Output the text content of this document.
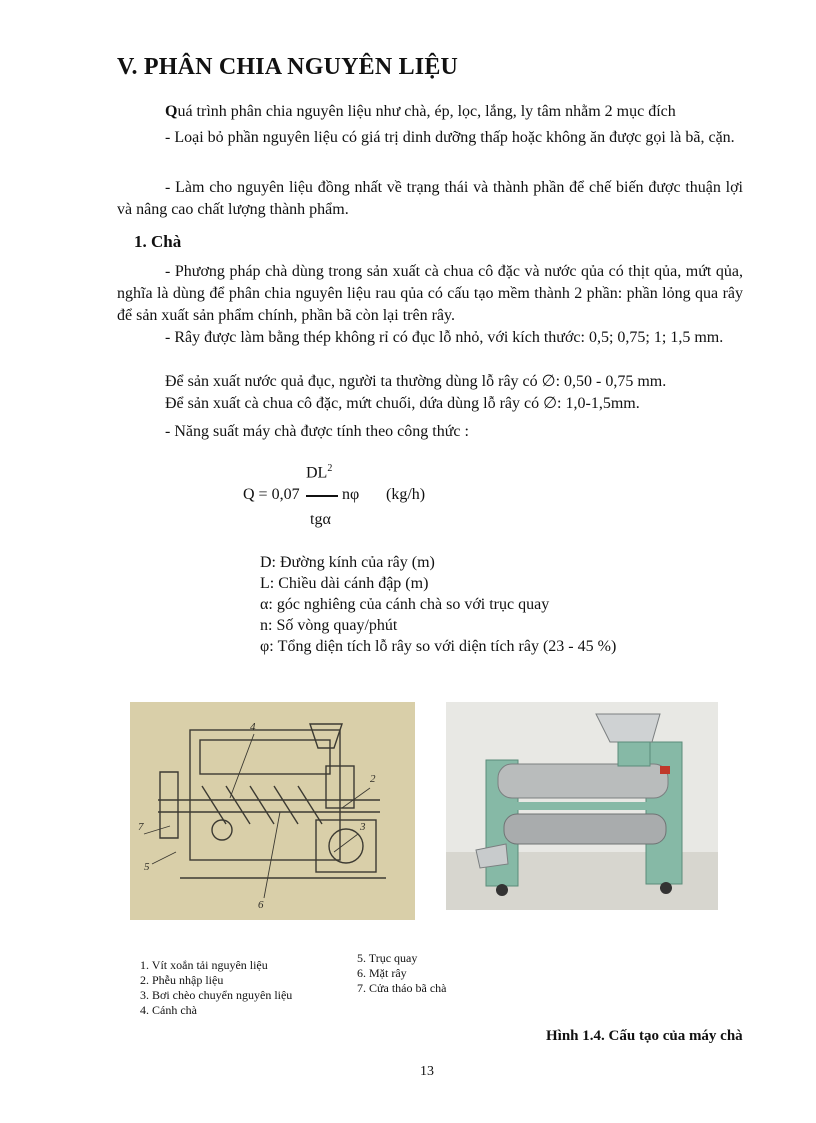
V. PHÂN CHIA NGUYÊN LIỆU
Quá trình phân chia nguyên liệu như chà, ép, lọc, lắng, ly tâm nhằm 2 mục đích
- Loại bỏ phần nguyên liệu có giá trị dinh dưỡng thấp hoặc không ăn được gọi là bã, cặn.
- Làm cho nguyên liệu đồng nhất về trạng thái và thành phần để chế biến được thuận lợi và nâng cao chất lượng thành phẩm.
1. Chà
- Phương pháp chà dùng trong sản xuất cà chua cô đặc và nước qủa có thịt qủa, mứt qủa, nghĩa là dùng để phân chia nguyên liệu rau qủa có cấu tạo mềm thành 2 phần: phần lỏng qua rây để sản xuất sản phẩm chính, phần bã còn lại trên rây.
- Rây được làm bằng thép không rỉ có đục lỗ nhỏ, với kích thước: 0,5; 0,75; 1; 1,5 mm.
Để sản xuất nước quả đục, người ta thường dùng lỗ rây có ∅: 0,50 - 0,75 mm.
Để sản xuất cà chua cô đặc, mứt chuối, dứa dùng lỗ rây có ∅: 1,0-1,5mm.
- Năng suất máy chà được tính theo công thức :
$DL^2$
Q = 0,07	nφ (kg/h)
tgα
D: Đường kính của rây (m)
L: Chiều dài cánh đập (m)
α: góc nghiêng của cánh chà so với trục quay
n: Số vòng quay/phút
φ: Tổng diện tích lỗ rây so với diện tích rây (23 - 45 %)
4
2
3
7
5
6
1. Vít xoắn tải nguyên liệu
2. Phễu nhập liệu
3. Bơi chèo chuyển nguyên liệu
4. Cánh chà
5. Trục quay
6. Mặt rây
7. Cửa tháo bã chà
Hình 1.4. Cấu tạo của máy chà
13
